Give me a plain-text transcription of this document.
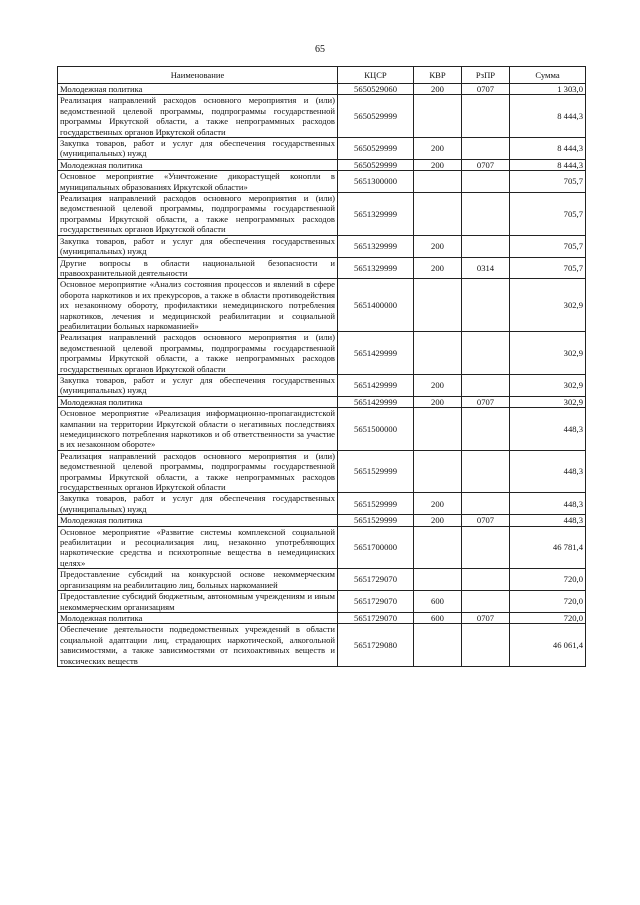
65
Наименование	КЦСР	КВР	РзПР	Сумма
Молодежная политика	5650529060	200	0707	1 303,0
Реализация направлений расходов основного мероприятия и (или) ведомственной целевой программы, подпрограммы государственной программы Иркутской области, а также непрограммных расходов государственных органов Иркутской области	5650529999			8 444,3
Закупка товаров, работ и услуг для обеспечения государственных (муниципальных) нужд	5650529999	200		8 444,3
Молодежная политика	5650529999	200	0707	8 444,3
Основное мероприятие «Уничтожение дикорастущей конопли в муниципальных образованиях Иркутской области»	5651300000			705,7
Реализация направлений расходов основного мероприятия и (или) ведомственной целевой программы, подпрограммы государственной программы Иркутской области, а также непрограммных расходов государственных органов Иркутской области	5651329999			705,7
Закупка товаров, работ и услуг для обеспечения государственных (муниципальных) нужд	5651329999	200		705,7
Другие вопросы в области национальной безопасности и правоохранительной деятельности	5651329999	200	0314	705,7
Основное мероприятие «Анализ состояния процессов и явлений в сфере оборота наркотиков и их прекурсоров, а также в области противодействия их незаконному обороту, профилактики немедицинского потребления наркотиков, лечения и медицинской реабилитации и социальной реабилитации больных наркоманией»	5651400000			302,9
Реализация направлений расходов основного мероприятия и (или) ведомственной целевой программы, подпрограммы государственной программы Иркутской области, а также непрограммных расходов государственных органов Иркутской области	5651429999			302,9
Закупка товаров, работ и услуг для обеспечения государственных (муниципальных) нужд	5651429999	200		302,9
Молодежная политика	5651429999	200	0707	302,9
Основное мероприятие «Реализация информационно-пропагандистской кампании на территории Иркутской области о негативных последствиях немедицинского потребления наркотиков и об ответственности за участие в их незаконном обороте»	5651500000			448,3
Реализация направлений расходов основного мероприятия и (или) ведомственной целевой программы, подпрограммы государственной программы Иркутской области, а также непрограммных расходов государственных органов Иркутской области	5651529999			448,3
Закупка товаров, работ и услуг для обеспечения государственных (муниципальных) нужд	5651529999	200		448,3
Молодежная политика	5651529999	200	0707	448,3
Основное мероприятие «Развитие системы комплексной социальной реабилитации и ресоциализация лиц, незаконно употребляющих наркотические средства и психотропные вещества в немедицинских целях»	5651700000			46 781,4
Предоставление субсидий на конкурсной основе некоммерческим организациям на реабилитацию лиц, больных наркоманией	5651729070			720,0
Предоставление субсидий бюджетным, автономным учреждениям и иным некоммерческим организациям	5651729070	600		720,0
Молодежная политика	5651729070	600	0707	720,0
Обеспечение деятельности подведомственных учреждений в области социальной адаптации лиц, страдающих наркотической, алкогольной зависимостями, а также зависимостями от психоактивных веществ и токсических веществ	5651729080			46 061,4
